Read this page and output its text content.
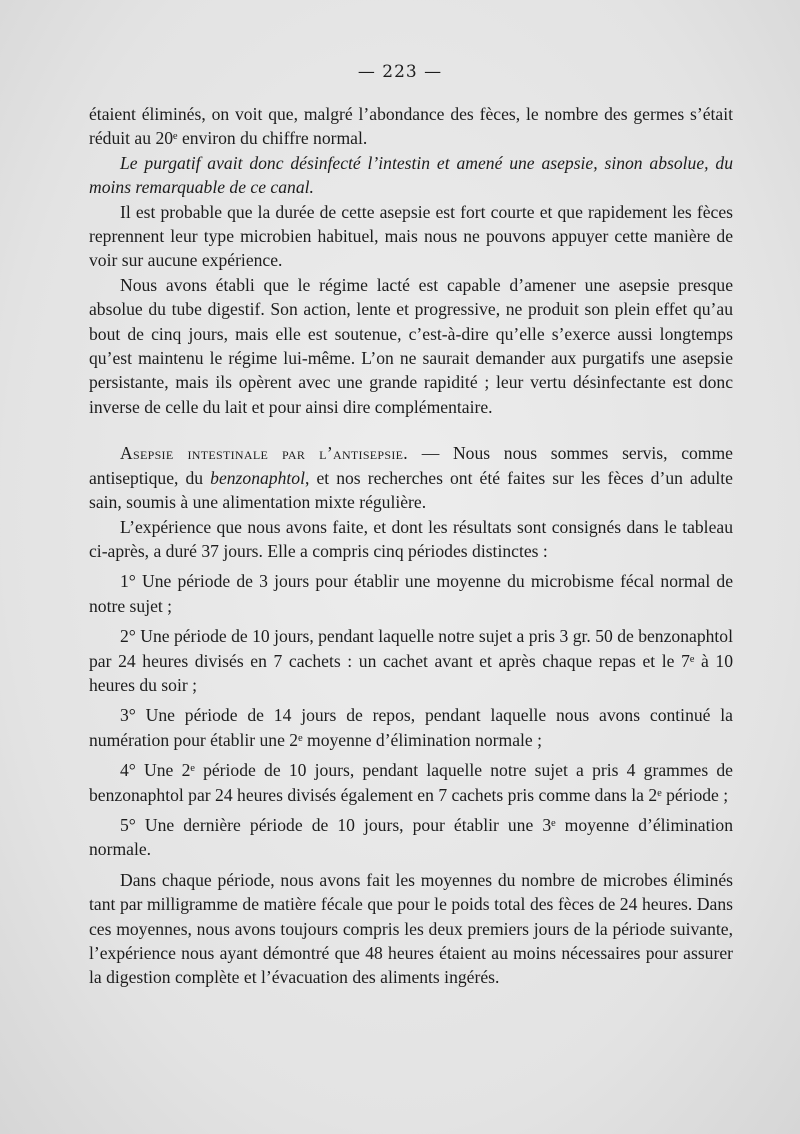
— 223 —

étaient éliminés, on voit que, malgré l’abondance des fèces, le nombre des germes s’était réduit au 20ᵉ environ du chiffre normal.

Le purgatif avait donc désinfecté l’intestin et amené une asepsie, sinon absolue, du moins remarquable de ce canal.

Il est probable que la durée de cette asepsie est fort courte et que rapidement les fèces reprennent leur type microbien habituel, mais nous ne pouvons appuyer cette manière de voir sur aucune expérience.

Nous avons établi que le régime lacté est capable d’amener une asepsie presque absolue du tube digestif. Son action, lente et progressive, ne produit son plein effet qu’au bout de cinq jours, mais elle est soutenue, c’est-à-dire qu’elle s’exerce aussi longtemps qu’est maintenu le régime lui-même. L’on ne saurait demander aux purgatifs une asepsie persistante, mais ils opèrent avec une grande rapidité ; leur vertu désinfectante est donc inverse de celle du lait et pour ainsi dire complémentaire.

Asepsie intestinale par l’antisepsie. — Nous nous sommes servis, comme antiseptique, du benzonaphtol, et nos recherches ont été faites sur les fèces d’un adulte sain, soumis à une alimentation mixte régulière.

L’expérience que nous avons faite, et dont les résultats sont consignés dans le tableau ci-après, a duré 37 jours. Elle a compris cinq périodes distinctes :

1° Une période de 3 jours pour établir une moyenne du microbisme fécal normal de notre sujet ;

2° Une période de 10 jours, pendant laquelle notre sujet a pris 3 gr. 50 de benzonaphtol par 24 heures divisés en 7 cachets : un cachet avant et après chaque repas et le 7ᵉ à 10 heures du soir ;

3° Une période de 14 jours de repos, pendant laquelle nous avons continué la numération pour établir une 2ᵉ moyenne d’élimination normale ;

4° Une 2ᵉ période de 10 jours, pendant laquelle notre sujet a pris 4 grammes de benzonaphtol par 24 heures divisés également en 7 cachets pris comme dans la 2ᵉ période ;

5° Une dernière période de 10 jours, pour établir une 3ᵉ moyenne d’élimination normale.

Dans chaque période, nous avons fait les moyennes du nombre de microbes éliminés tant par milligramme de matière fécale que pour le poids total des fèces de 24 heures. Dans ces moyennes, nous avons toujours compris les deux premiers jours de la période suivante, l’expérience nous ayant démontré que 48 heures étaient au moins nécessaires pour assurer la digestion complète et l’évacuation des aliments ingérés.
